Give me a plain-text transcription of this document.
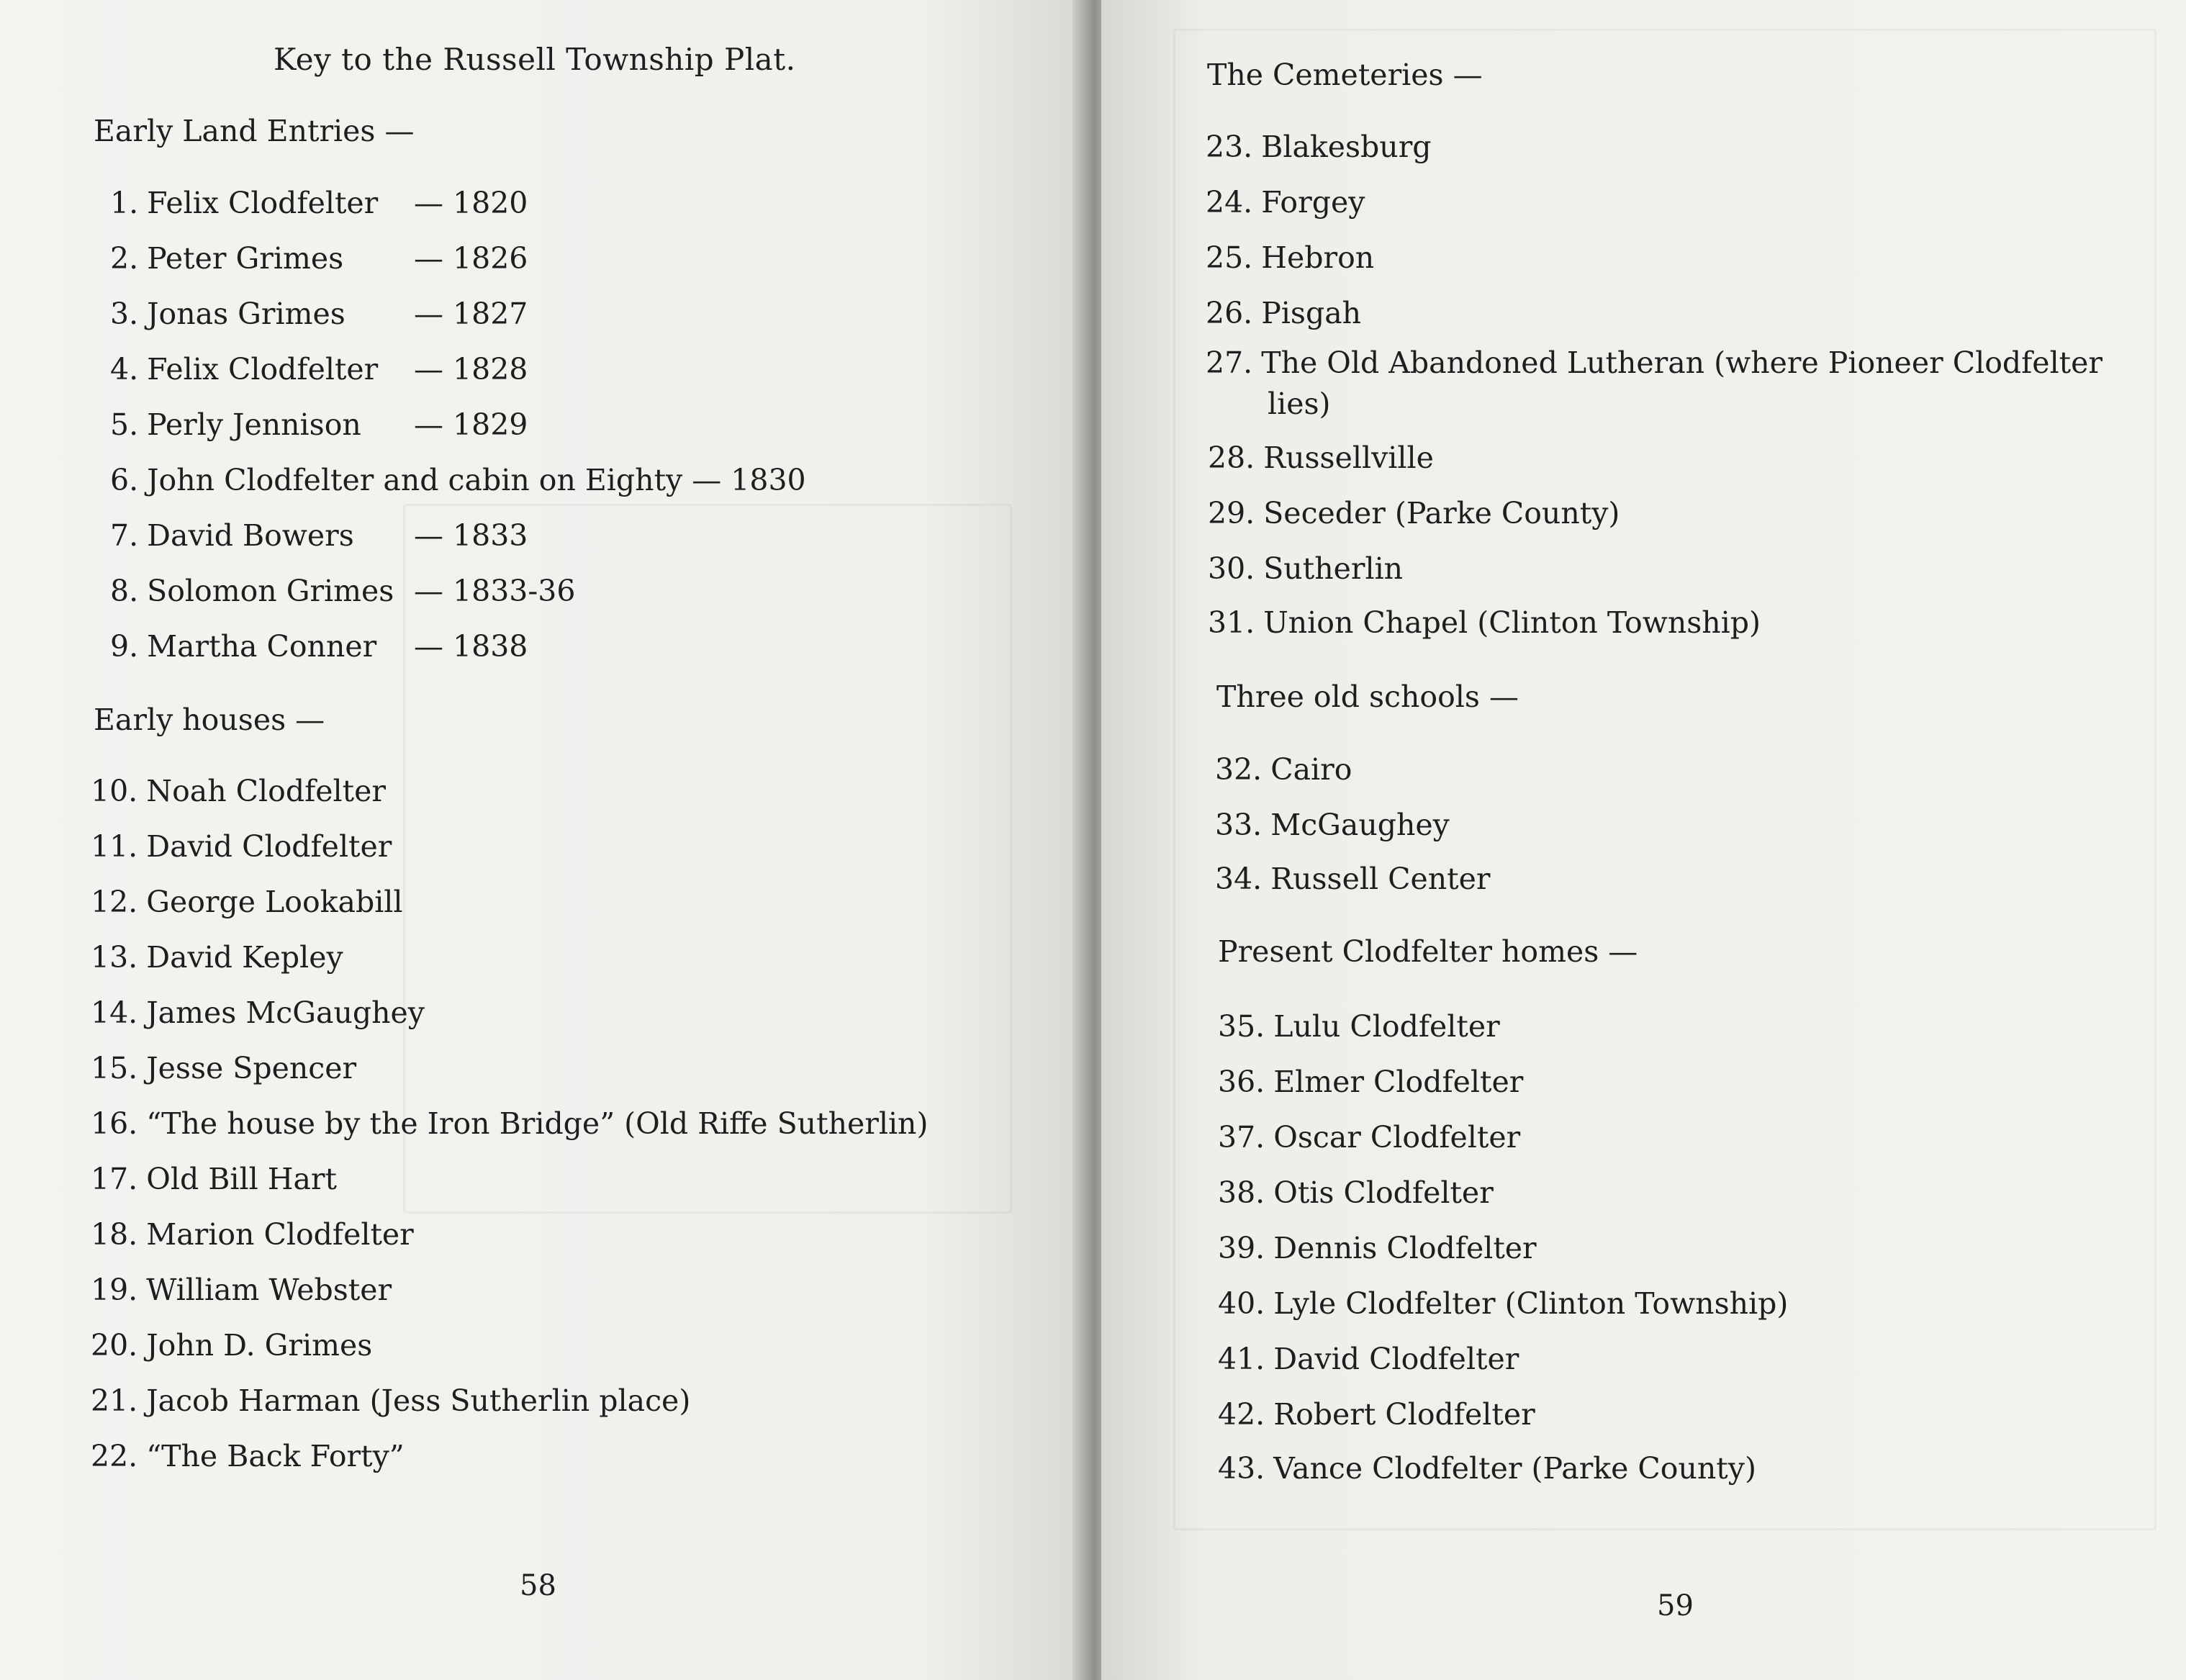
Key to the Russell Township Plat.
Early Land Entries —
1. Felix Clodfelter — 1820
2. Peter Grimes — 1826
3. Jonas Grimes — 1827
4. Felix Clodfelter — 1828
5. Perly Jennison — 1829
6. John Clodfelter and cabin on Eighty — 1830
7. David Bowers — 1833
8. Solomon Grimes — 1833-36
9. Martha Conner — 1838
Early houses —
10. Noah Clodfelter
11. David Clodfelter
12. George Lookabill
13. David Kepley
14. James McGaughey
15. Jesse Spencer
16. “The house by the Iron Bridge” (Old Riffe Sutherlin)
17. Old Bill Hart
18. Marion Clodfelter
19. William Webster
20. John D. Grimes
21. Jacob Harman (Jess Sutherlin place)
22. “The Back Forty”
58
The Cemeteries —
23. Blakesburg
24. Forgey
25. Hebron
26. Pisgah
27. The Old Abandoned Lutheran (where Pioneer Clodfelter
lies)
28. Russellville
29. Seceder (Parke County)
30. Sutherlin
31. Union Chapel (Clinton Township)
Three old schools —
32. Cairo
33. McGaughey
34. Russell Center
Present Clodfelter homes —
35. Lulu Clodfelter
36. Elmer Clodfelter
37. Oscar Clodfelter
38. Otis Clodfelter
39. Dennis Clodfelter
40. Lyle Clodfelter (Clinton Township)
41. David Clodfelter
42. Robert Clodfelter
43. Vance Clodfelter (Parke County)
59
